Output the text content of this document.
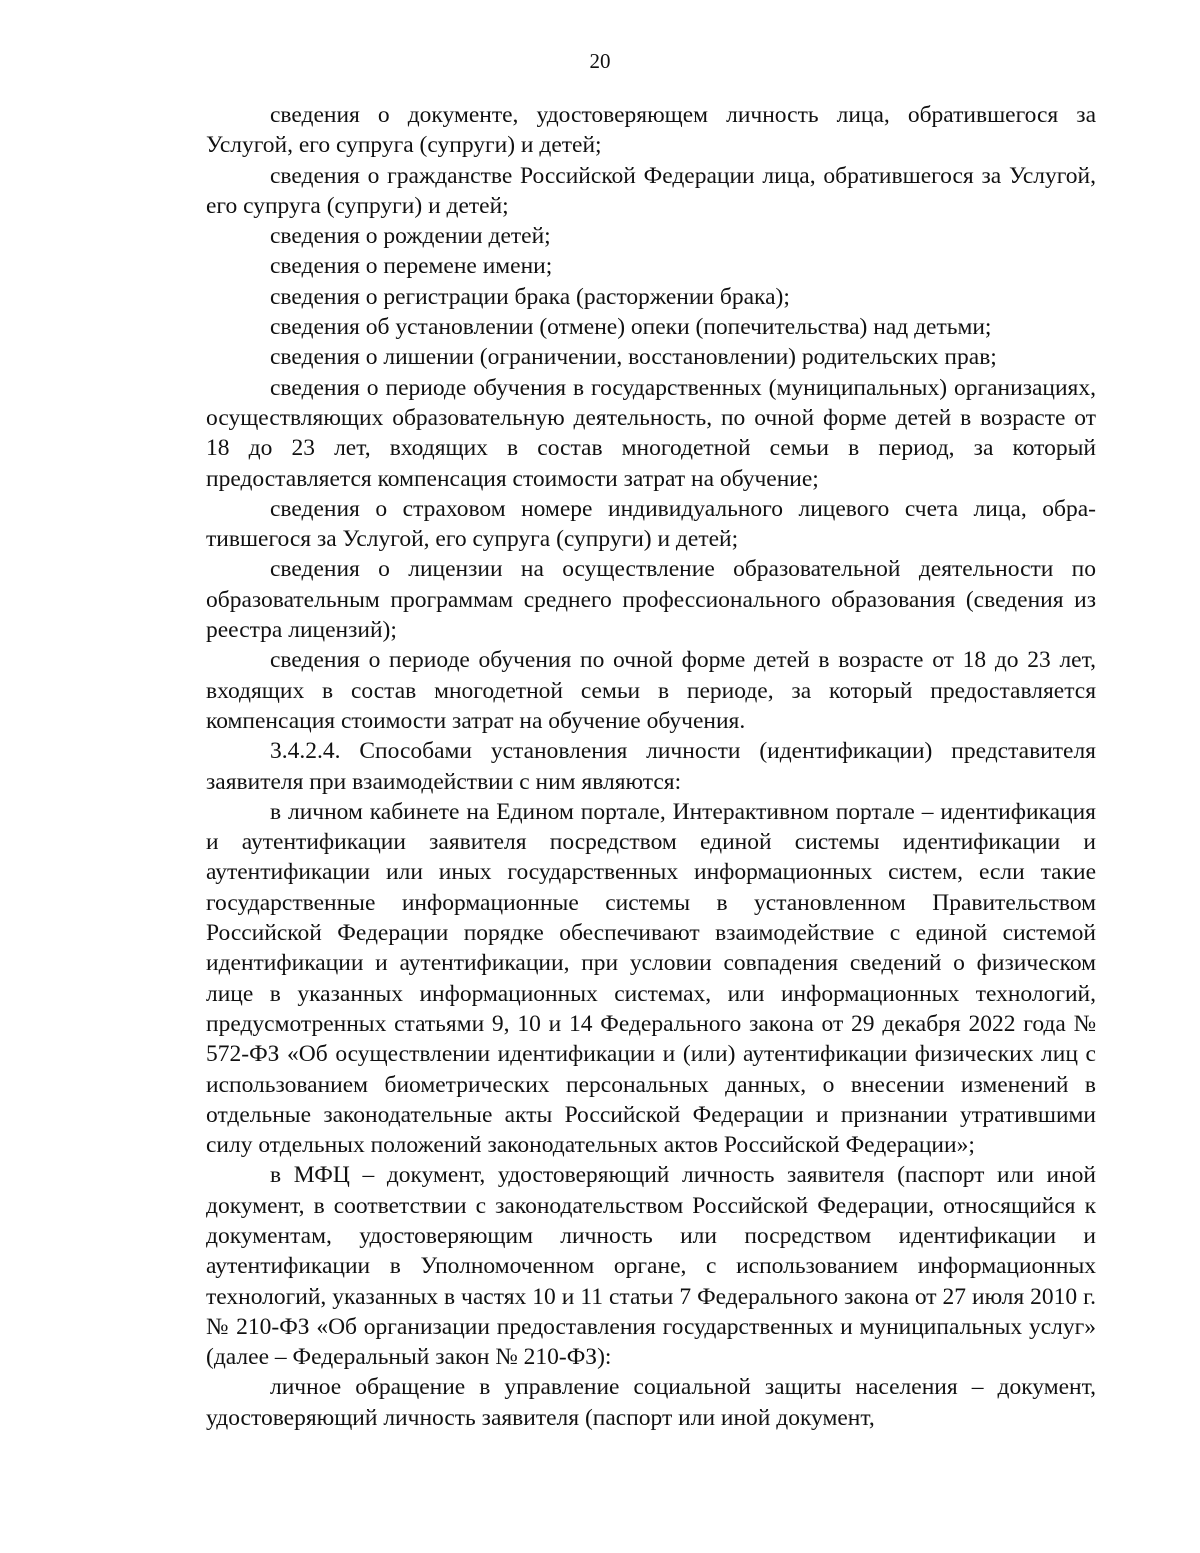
20

сведения о документе, удостоверяющем личность лица, обратившегося за Услугой, его супруга (супруги) и детей;

сведения о гражданстве Российской Федерации лица, обратившегося за Услугой, его супруга (супруги) и детей;

сведения о рождении детей;

сведения о перемене имени;

сведения о регистрации брака (расторжении брака);

сведения об установлении (отмене) опеки (попечительства) над детьми;

сведения о лишении (ограничении, восстановлении) родительских прав;

сведения о периоде обучения в государственных (муниципальных) организациях, осуществляющих образовательную деятельность, по очной форме детей в возрасте от 18 до 23 лет, входящих в состав многодетной семьи в период, за который предоставляется компенсация стоимости затрат на обучение;

сведения о страховом номере индивидуального лицевого счета лица, обратившегося за Услугой, его супруга (супруги) и детей;

сведения о лицензии на осуществление образовательной деятельности по образовательным программам среднего профессионального образования (сведения из реестра лицензий);

сведения о периоде обучения по очной форме детей в возрасте от 18 до 23 лет, входящих в состав многодетной семьи в периоде, за который предоставляется компенсация стоимости затрат на обучение обучения.

3.4.2.4. Способами установления личности (идентификации) представителя заявителя при взаимодействии с ним являются:

в личном кабинете на Едином портале, Интерактивном портале – идентификация и аутентификации заявителя посредством единой системы идентификации и аутентификации или иных государственных информационных систем, если такие государственные информационные системы в установленном Правительством Российской Федерации порядке обеспечивают взаимодействие с единой системой идентификации и аутентификации, при условии совпадения сведений о физическом лице в указанных информационных системах, или информационных технологий, предусмотренных статьями 9, 10 и 14 Федерального закона от 29 декабря 2022 года № 572-ФЗ «Об осуществлении идентификации и (или) аутентификации физических лиц с использованием биометрических персональных данных, о внесении изменений в отдельные законодательные акты Российской Федерации и признании утратившими силу отдельных положений законодательных актов Российской Федерации»;

в МФЦ – документ, удостоверяющий личность заявителя (паспорт или иной документ, в соответствии с законодательством Российской Федерации, относящийся к документам, удостоверяющим личность или посредством идентификации и аутентификации в Уполномоченном органе, с использованием информационных технологий, указанных в частях 10 и 11 статьи 7 Федерального закона от 27 июля 2010 г. № 210-ФЗ «Об организации предоставления государственных и муниципальных услуг» (далее – Федеральный закон № 210-ФЗ):

личное обращение в управление социальной защиты населения – документ, удостоверяющий личность заявителя (паспорт или иной документ,
